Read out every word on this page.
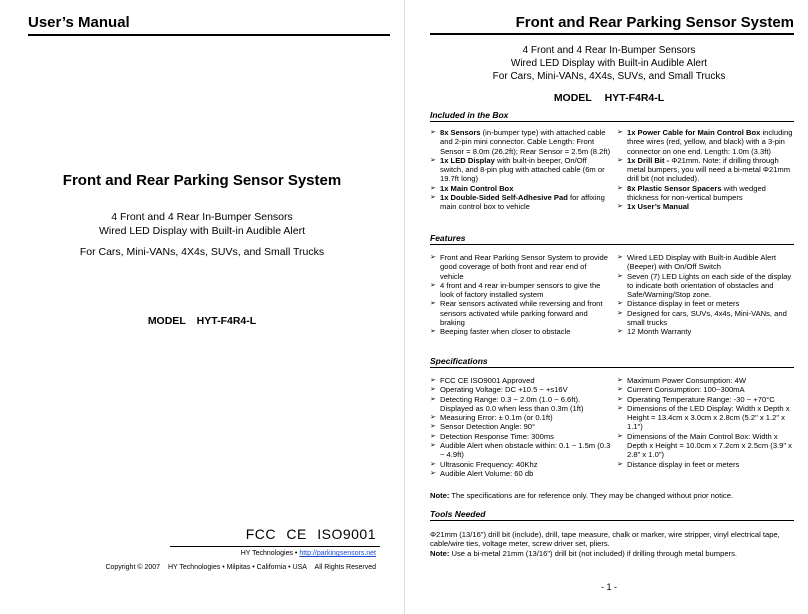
User’s Manual
Front and Rear Parking Sensor System
4 Front and 4 Rear In-Bumper Sensors
Wired LED Display with Built-in Audible Alert
For Cars, Mini-VANs, 4X4s, SUVs, and Small Trucks
MODEL HYT-F4R4-L
FCC CE ISO9001
HY Technologies • http://parkingsensors.net
Copyright © 2007 HY Technologies • Milpitas • California • USA All Rights Reserved
Front and Rear Parking Sensor System
4 Front and 4 Rear In-Bumper Sensors
Wired LED Display with Built-in Audible Alert
For Cars, Mini-VANs, 4X4s, SUVs, and Small Trucks
MODEL HYT-F4R4-L
Included in the Box
➢ 8x Sensors (in-bumper type) with attached cable and 2-pin mini connector. Cable Length: Front Sensor = 8.0m (26.2ft); Rear Sensor = 2.5m (8.2ft)
➢ 1x LED Display with built-in beeper, On/Off switch, and 8-pin plug with attached cable (6m or 19.7ft long)
➢ 1x Main Control Box
➢ 1x Double-Sided Self-Adhesive Pad for affixing main control box to vehicle
➢ 1x Power Cable for Main Control Box including three wires (red, yellow, and black) with a 3-pin connector on one end. Length: 1.0m (3.3ft)
➢ 1x Drill Bit - Φ21mm. Note: if drilling through metal bumpers, you will need a bi-metal Φ21mm drill bit (not included).
➢ 8x Plastic Sensor Spacers with wedged thickness for non-vertical bumpers
➢ 1x User’s Manual
Features
➢ Front and Rear Parking Sensor System to provide good coverage of both front and rear end of vehicle
➢ 4 front and 4 rear in-bumper sensors to give the look of factory installed system
➢ Rear sensors activated while reversing and front sensors activated while parking forward and braking
➢ Beeping faster when closer to obstacle
➢ Wired LED Display with Built-in Audible Alert (Beeper) with On/Off Switch
➢ Seven (7) LED Lights on each side of the display to indicate both orientation of obstacles and Safe/Warning/Stop zone.
➢ Distance display in feet or meters
➢ Designed for cars, SUVs, 4x4s, Mini-VANs, and small trucks
➢ 12 Month Warranty
Specifications
➢ FCC CE ISO9001 Approved
➢ Operating Voltage: DC +10.5 ~ +s16V
➢ Detecting Range: 0.3 ~ 2.0m (1.0 ~ 6.6ft). Displayed as 0.0 when less than 0.3m (1ft)
➢ Measuring Error: ± 0.1m (or 0.1ft)
➢ Sensor Detection Angle: 90°
➢ Detection Response Time: 300ms
➢ Audible Alert when obstacle within: 0.1 ~ 1.5m (0.3 ~ 4.9ft)
➢ Ultrasonic Frequency: 40Khz
➢ Audible Alert Volume: 60 db
➢ Maximum Power Consumption: 4W
➢ Current Consumption: 100~300mA
➢ Operating Temperature Range: -30 ~ +70°C
➢ Dimensions of the LED Display: Width x Depth x Height = 13.4cm x 3.0cm x 2.8cm (5.2" x 1.2" x 1.1")
➢ Dimensions of the Main Control Box: Width x Depth x Height = 10.0cm x 7.2cm x 2.5cm (3.9" x 2.8" x 1.0")
➢ Distance display in feet or meters
Note: The specifications are for reference only. They may be changed without prior notice.
Tools Needed
Φ21mm (13/16") drill bit (include), drill, tape measure, chalk or marker, wire stripper, vinyl electrical tape, cable/wire ties, voltage meter, screw driver set, pliers.
Note: Use a bi-metal 21mm (13/16") drill bit (not included) if drilling through metal bumpers.
- 1 -
